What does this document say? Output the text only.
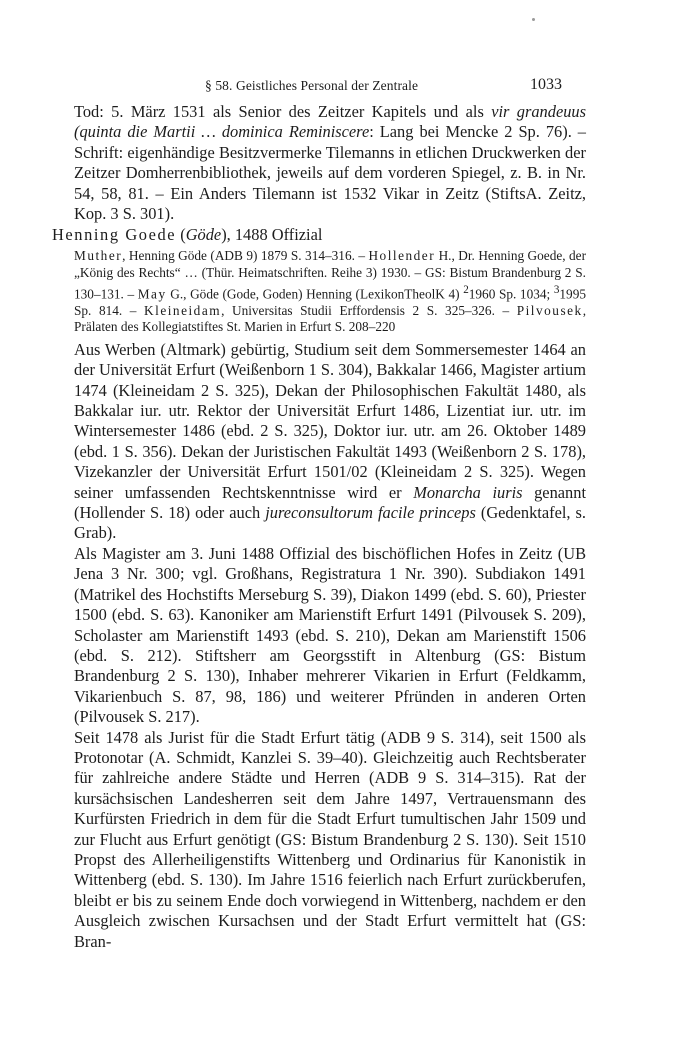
§ 58. Geistliches Personal der Zentrale	1033

Tod: 5. März 1531 als Senior des Zeitzer Kapitels und als vir grandeuus (quinta die Martii … dominica Reminiscere: Lang bei Mencke 2 Sp. 76). – Schrift: eigenhändige Besitzvermerke Tilemanns in etlichen Druckwerken der Zeitzer Domherrenbibliothek, jeweils auf dem vorderen Spiegel, z. B. in Nr. 54, 58, 81. – Ein Anders Tilemann ist 1532 Vikar in Zeitz (StiftsA. Zeitz, Kop. 3 S. 301).

Henning Goede (Göde), 1488 Offizial

Muther, Henning Göde (ADB 9) 1879 S. 314–316. – Hollender H., Dr. Henning Goede, der „König des Rechts“ … (Thür. Heimatschriften. Reihe 3) 1930. – GS: Bistum Brandenburg 2 S. 130–131. – May G., Göde (Gode, Goden) Henning (LexikonTheolK 4) $^2$1960 Sp. 1034; $^3$1995 Sp. 814. – Kleineidam, Universitas Studii Erffordensis 2 S. 325–326. – Pilvousek, Prälaten des Kollegiatstiftes St. Marien in Erfurt S. 208–220

Aus Werben (Altmark) gebürtig, Studium seit dem Sommersemester 1464 an der Universität Erfurt (Weißenborn 1 S. 304), Bakkalar 1466, Magister artium 1474 (Kleineidam 2 S. 325), Dekan der Philosophischen Fakultät 1480, als Bakkalar iur. utr. Rektor der Universität Erfurt 1486, Lizentiat iur. utr. im Wintersemester 1486 (ebd. 2 S. 325), Doktor iur. utr. am 26. Oktober 1489 (ebd. 1 S. 356). Dekan der Juristischen Fakultät 1493 (Weißenborn 2 S. 178), Vizekanzler der Universität Erfurt 1501/02 (Kleineidam 2 S. 325). Wegen seiner umfassenden Rechtskenntnisse wird er Monarcha iuris genannt (Hollender S. 18) oder auch jureconsultorum facile princeps (Gedenktafel, s. Grab).

Als Magister am 3. Juni 1488 Offizial des bischöflichen Hofes in Zeitz (UB Jena 3 Nr. 300; vgl. Großhans, Registratura 1 Nr. 390). Subdiakon 1491 (Matrikel des Hochstifts Merseburg S. 39), Diakon 1499 (ebd. S. 60), Priester 1500 (ebd. S. 63). Kanoniker am Marienstift Erfurt 1491 (Pilvousek S. 209), Scholaster am Marienstift 1493 (ebd. S. 210), Dekan am Marienstift 1506 (ebd. S. 212). Stiftsherr am Georgsstift in Altenburg (GS: Bistum Brandenburg 2 S. 130), Inhaber mehrerer Vikarien in Erfurt (Feldkamm, Vikarienbuch S. 87, 98, 186) und weiterer Pfründen in anderen Orten (Pilvousek S. 217).

Seit 1478 als Jurist für die Stadt Erfurt tätig (ADB 9 S. 314), seit 1500 als Protonotar (A. Schmidt, Kanzlei S. 39–40). Gleichzeitig auch Rechtsberater für zahlreiche andere Städte und Herren (ADB 9 S. 314–315). Rat der kursächsischen Landesherren seit dem Jahre 1497, Vertrauensmann des Kurfürsten Friedrich in dem für die Stadt Erfurt tumultischen Jahr 1509 und zur Flucht aus Erfurt genötigt (GS: Bistum Brandenburg 2 S. 130). Seit 1510 Propst des Allerheiligenstifts Wittenberg und Ordinarius für Kanonistik in Wittenberg (ebd. S. 130). Im Jahre 1516 feierlich nach Erfurt zurückberufen, bleibt er bis zu seinem Ende doch vorwiegend in Wittenberg, nachdem er den Ausgleich zwischen Kursachsen und der Stadt Erfurt vermittelt hat (GS: Bran-
